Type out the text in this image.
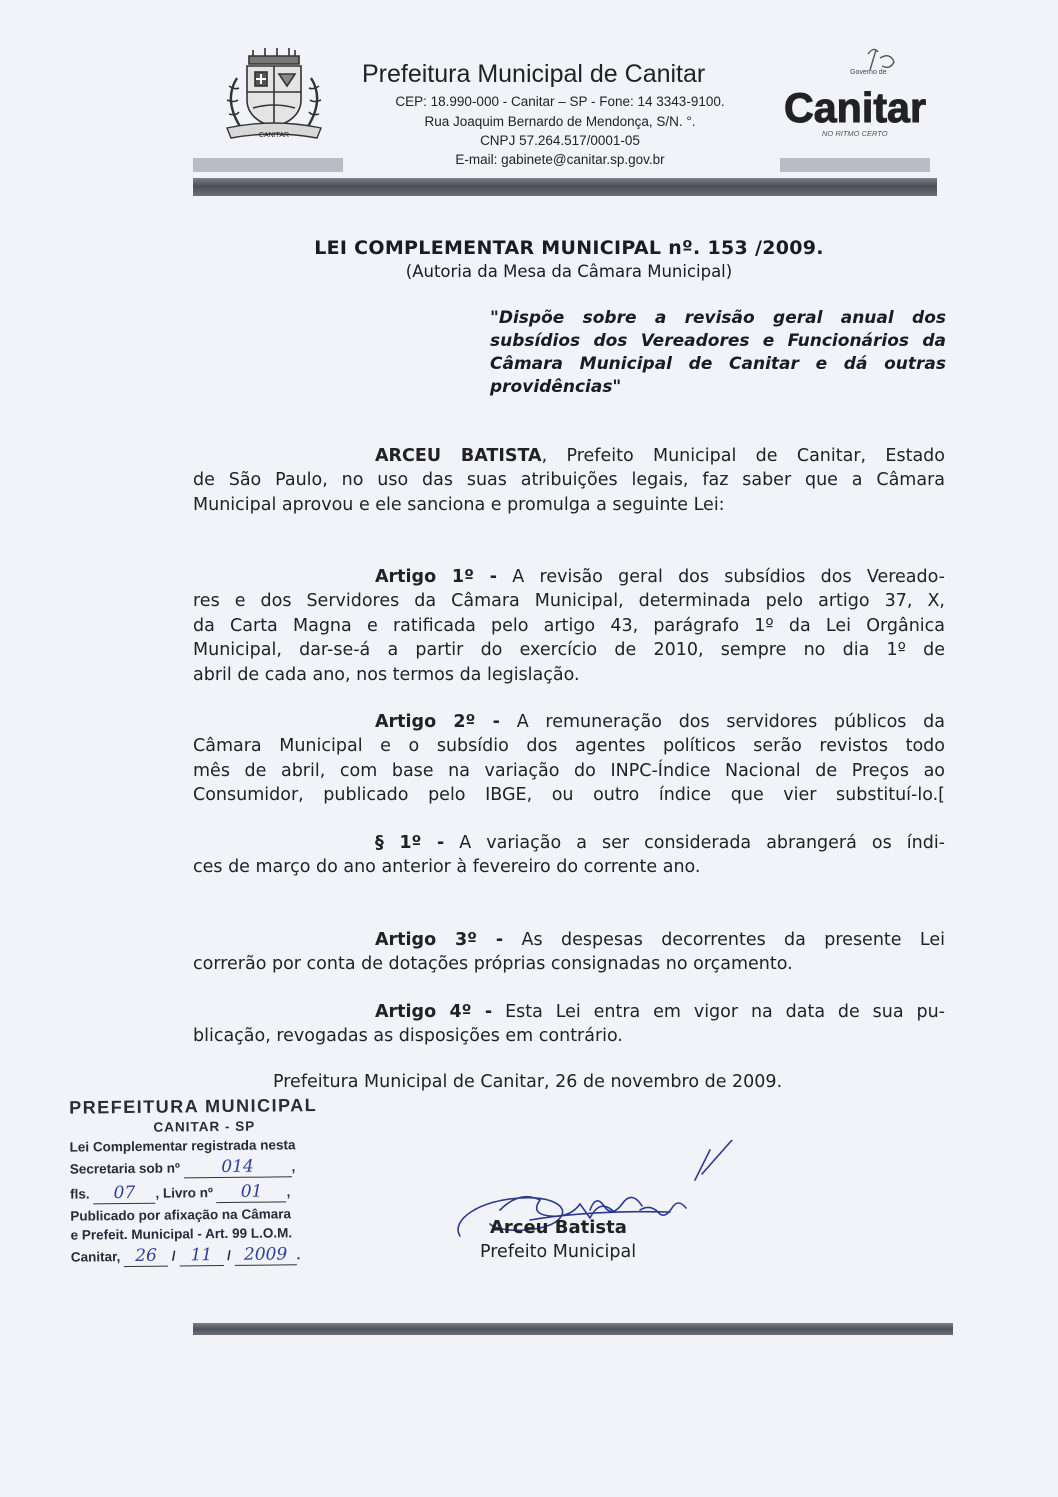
CANITAR
Prefeitura Municipal de Canitar
CEP: 18.990-000 - Canitar – SP - Fone: 14 3343-9100.
Rua Joaquim Bernardo de Mendonça, S/N. °.
CNPJ 57.264.517/0001-05
E-mail: gabinete@canitar.sp.gov.br
Governo de
Canitar
NO RITMO CERTO
LEI COMPLEMENTAR MUNICIPAL nº. 153 /2009.
(Autoria da Mesa da Câmara Municipal)
"Dispõe sobre a revisão geral anual dos
subsídios dos Vereadores e Funcionários da
Câmara Municipal de Canitar e dá outras
providências"
ARCEU BATISTA, Prefeito Municipal de Canitar, Estado
de São Paulo, no uso das suas atribuições legais, faz saber que a Câmara
Municipal aprovou e ele sanciona e promulga a seguinte Lei:
Artigo 1º - A revisão geral dos subsídios dos Vereado-
res e dos Servidores da Câmara Municipal, determinada pelo artigo 37, X,
da Carta Magna e ratificada pelo artigo 43, parágrafo 1º da Lei Orgânica
Municipal, dar-se-á a partir do exercício de 2010, sempre no dia 1º de
abril de cada ano, nos termos da legislação.
Artigo 2º - A remuneração dos servidores públicos da
Câmara Municipal e o subsídio dos agentes políticos serão revistos todo
mês de abril, com base na variação do INPC-Índice Nacional de Preços ao
Consumidor, publicado pelo IBGE, ou outro índice que vier substituí-lo.[
§ 1º - A variação a ser considerada abrangerá os índi-
ces de março do ano anterior à fevereiro do corrente ano.
Artigo 3º - As despesas decorrentes da presente Lei
correrão por conta de dotações próprias consignadas no orçamento.
Artigo 4º - Esta Lei entra em vigor na data de sua pu-
blicação, revogadas as disposições em contrário.
Prefeitura Municipal de Canitar, 26 de novembro de 2009.
PREFEITURA MUNICIPAL
CANITAR - SP
Lei Complementar registrada nesta
Secretaria sob nº 014	,
fls. 07 , Livro nº 01 ,
Publicado por afixação na Câmara
e Prefeit. Municipal - Art. 99 L.O.M.
Canitar, 26 / 11 / 2009 .
Arceu Batista
Prefeito Municipal
